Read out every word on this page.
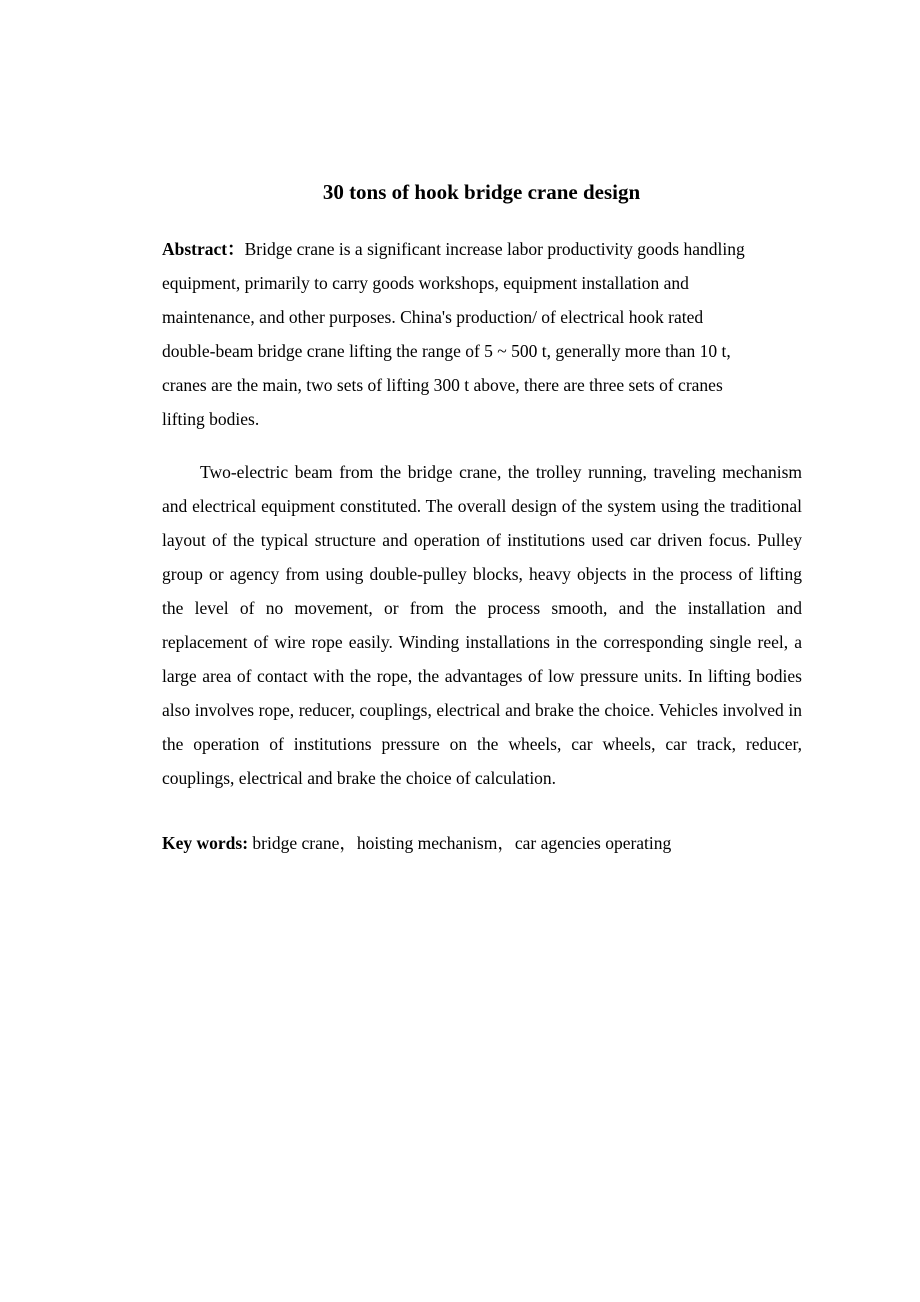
30 tons of hook bridge crane design
Abstract：Bridge crane is a significant increase labor productivity goods handling
equipment, primarily to carry goods workshops, equipment installation and
maintenance, and other purposes. China's production/ of electrical hook rated
double-beam bridge crane lifting the range of 5 ~ 500 t, generally more than 10 t,
cranes are the main, two sets of lifting 300 t above, there are three sets of cranes
lifting bodies.

Two-electric beam from the bridge crane, the trolley running, traveling mechanism and electrical equipment constituted. The overall design of the system using the traditional layout of the typical structure and operation of institutions used car driven focus. Pulley group or agency from using double-pulley blocks, heavy objects in the process of lifting the level of no movement, or from the process smooth, and the installation and replacement of wire rope easily. Winding installations in the corresponding single reel, a large area of contact with the rope, the advantages of low pressure units. In lifting bodies also involves rope, reducer, couplings, electrical and brake the choice. Vehicles involved in the operation of institutions pressure on the wheels, car wheels, car track, reducer, couplings, electrical and brake the choice of calculation.

Key words: bridge crane，hoisting mechanism，car agencies operating
